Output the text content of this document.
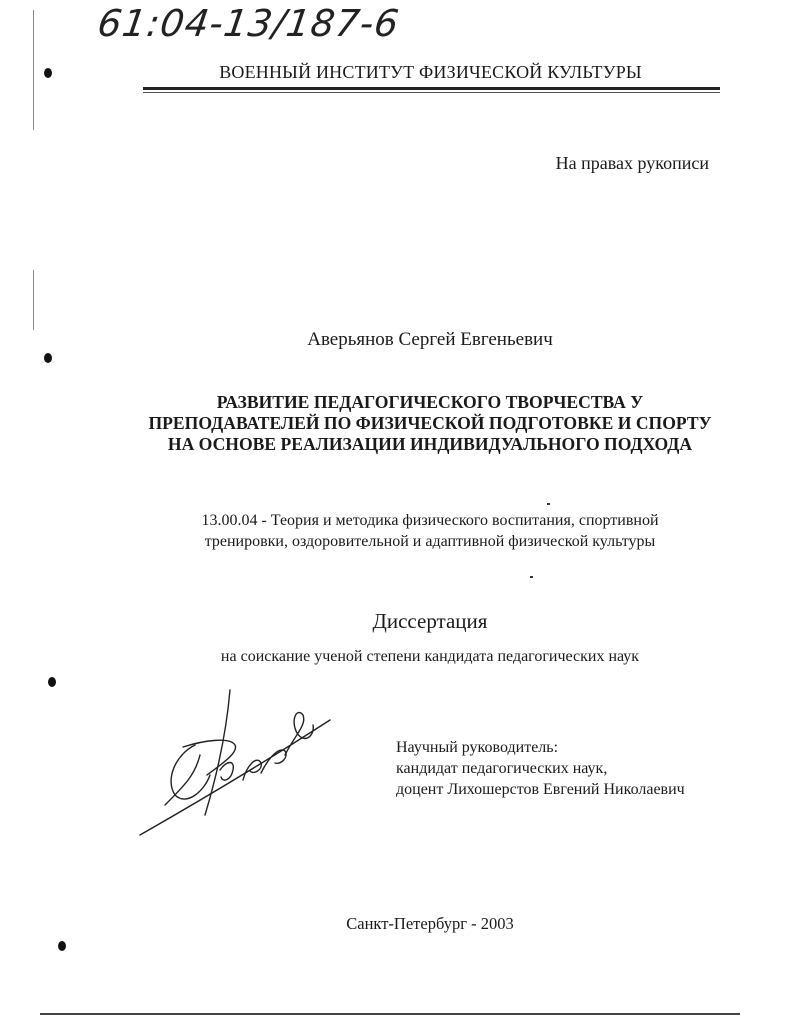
61:04-13/187-6
ВОЕННЫЙ ИНСТИТУТ ФИЗИЧЕСКОЙ КУЛЬТУРЫ
На правах рукописи
Аверьянов Сергей Евгеньевич
РАЗВИТИЕ ПЕДАГОГИЧЕСКОГО ТВОРЧЕСТВА У
ПРЕПОДАВАТЕЛЕЙ ПО ФИЗИЧЕСКОЙ ПОДГОТОВКЕ И СПОРТУ
НА ОСНОВЕ РЕАЛИЗАЦИИ ИНДИВИДУАЛЬНОГО ПОДХОДА
13.00.04 - Теория и методика физического воспитания, спортивной
тренировки, оздоровительной и адаптивной физической культуры
Диссертация
на соискание ученой степени кандидата педагогических наук
Научный руководитель:
кандидат педагогических наук,
доцент Лихошерстов Евгений Николаевич
Санкт-Петербург - 2003
